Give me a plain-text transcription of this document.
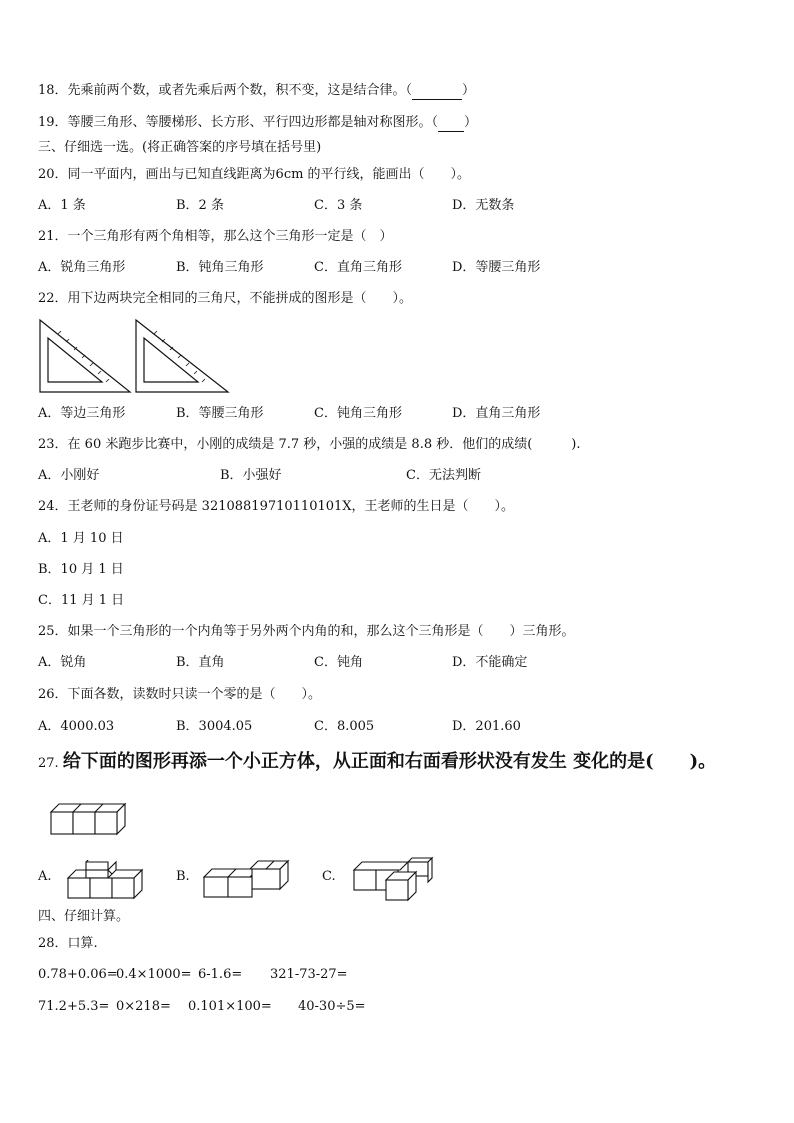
18．先乘前两个数，或者先乘后两个数，积不变，这是结合律。（	）
19．等腰三角形、等腰梯形、长方形、平行四边形都是轴对称图形。（ ）
三、仔细选一选。(将正确答案的序号填在括号里)
20．同一平面内，画出与已知直线距离为6cm 的平行线，能画出（　　）。
A．1 条	B．2 条	C．3 条	D．无数条
21．一个三角形有两个角相等，那么这个三角形一定是（　）
A．锐角三角形	B．钝角三角形	C．直角三角形	D．等腰三角形
22．用下边两块完全相同的三角尺，不能拼成的图形是（　　）。
A．等边三角形	B．等腰三角形	C．钝角三角形	D．直角三角形
23．在 60 米跑步比赛中，小刚的成绩是 7.7 秒，小强的成绩是 8.8 秒．他们的成绩(　　　).
A．小刚好	B．小强好	C．无法判断
24．王老师的身份证号码是 32108819710110101X，王老师的生日是（　　）。
A．1 月 10 日
B．10 月 1 日
C．11 月 1 日
25．如果一个三角形的一个内角等于另外两个内角的和，那么这个三角形是（　　）三角形。
A．锐角	B．直角	C．钝角	D．不能确定
26．下面各数，读数时只读一个零的是（　　）。
A．4000.03	B．3004.05	C．8.005	D．201.60
27. 给下面的图形再添一个小正方体，从正面和右面看形状没有发生 变化的是(　　)。
A.	B.	C.
四、仔细计算。
28．口算.
0.78+0.06=
0.4×1000= 6-1.6= 321-73-27=
71.2+5.3= 0×218= 0.101×100= 40-30÷5=
